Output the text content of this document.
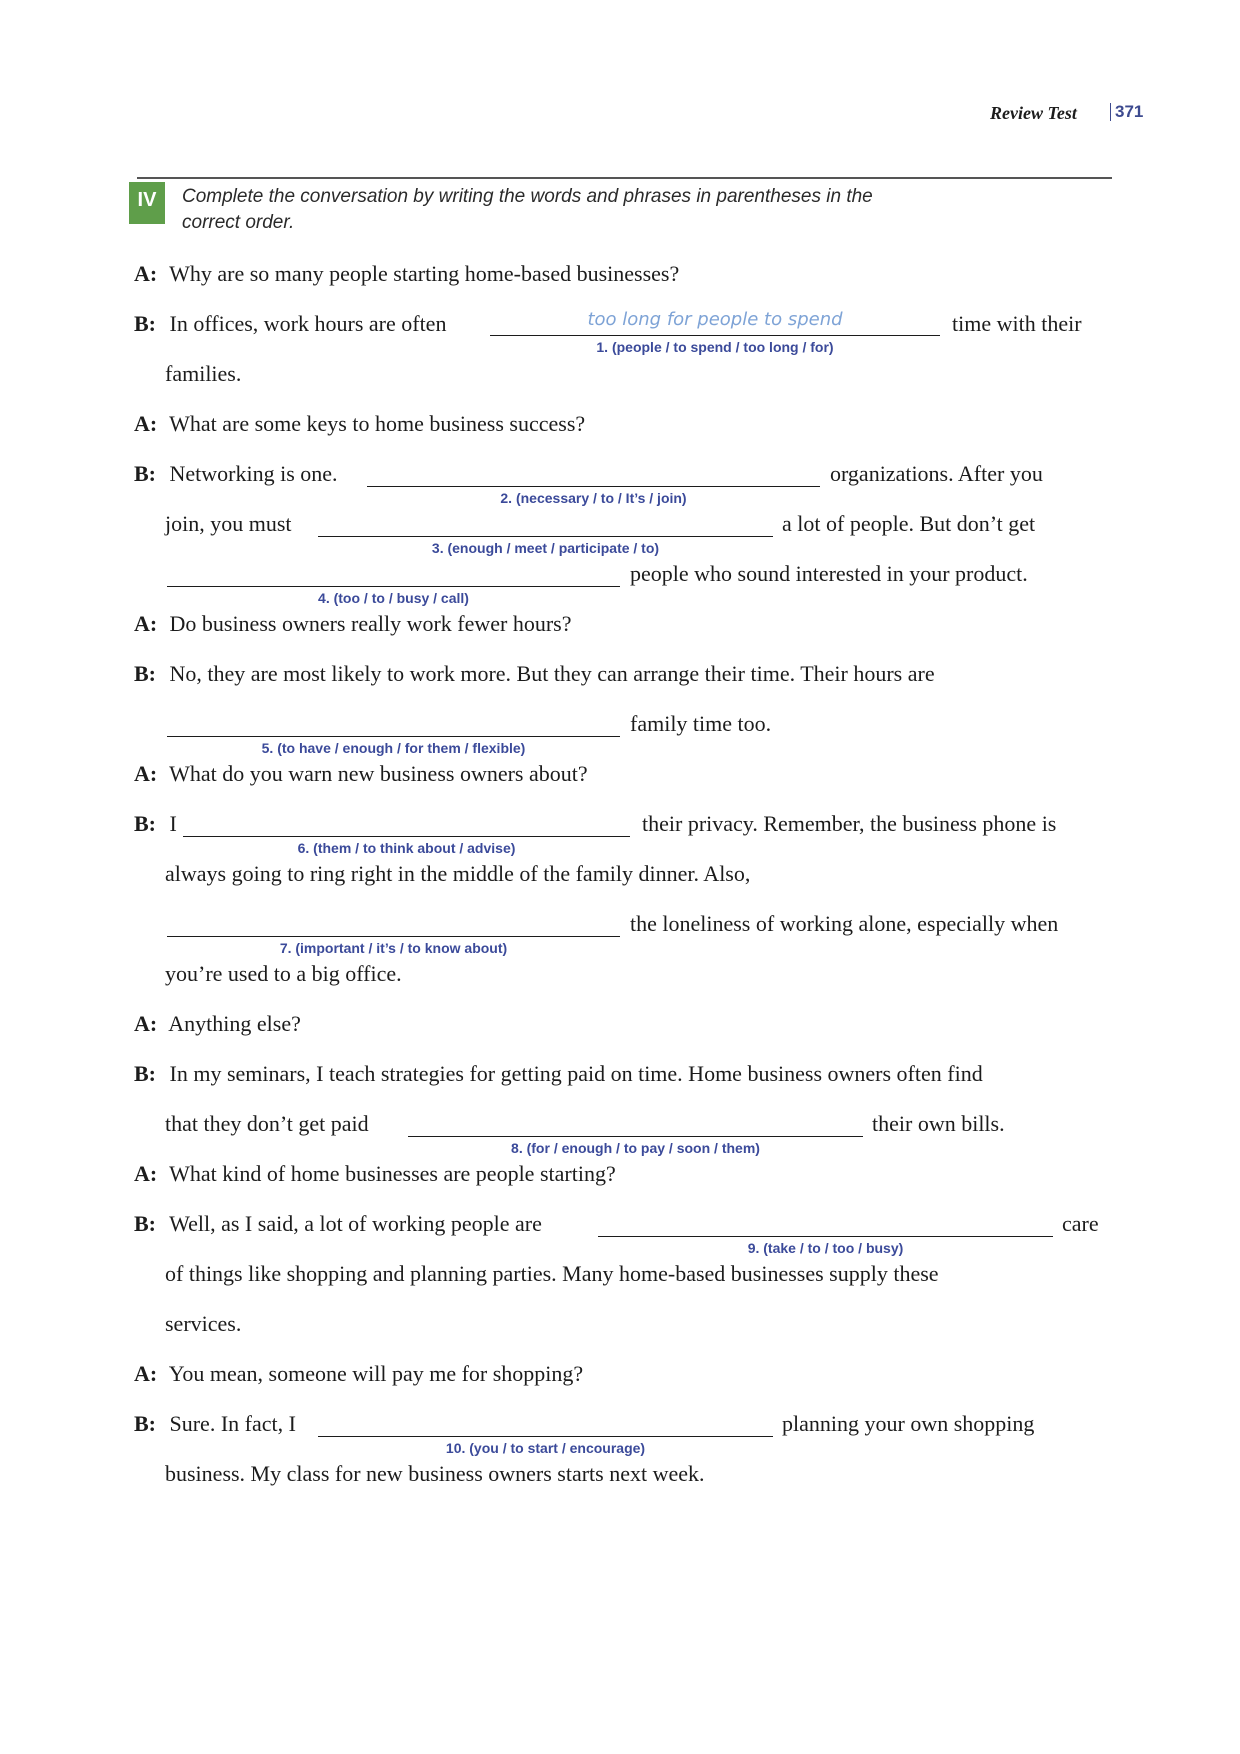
Review Test 371
IV	Complete the conversation by writing the words and phrases in parentheses in the
correct order.
A: Why are so many people starting home-based businesses?
B: In offices, work hours are often	too long for people to spend	time with their
1. (people / to spend / too long / for)
families.
A: What are some keys to home business success?
B: Networking is one.	organizations. After you
2. (necessary / to / It’s / join)
join, you must	a lot of people. But don’t get
3. (enough / meet / participate / to)
people who sound interested in your product.
4. (too / to / busy / call)
A: Do business owners really work fewer hours?
B: No, they are most likely to work more. But they can arrange their time. Their hours are
family time too.
5. (to have / enough / for them / flexible)
A: What do you warn new business owners about?
B: I	their privacy. Remember, the business phone is
6. (them / to think about / advise)
always going to ring right in the middle of the family dinner. Also,
the loneliness of working alone, especially when
7. (important / it’s / to know about)
you’re used to a big office.
A: Anything else?
B: In my seminars, I teach strategies for getting paid on time. Home business owners often find
that they don’t get paid	their own bills.
8. (for / enough / to pay / soon / them)
A: What kind of home businesses are people starting?
B: Well, as I said, a lot of working people are	care
9. (take / to / too / busy)
of things like shopping and planning parties. Many home-based businesses supply these
services.
A: You mean, someone will pay me for shopping?
B: Sure. In fact, I	planning your own shopping
10. (you / to start / encourage)
business. My class for new business owners starts next week.
